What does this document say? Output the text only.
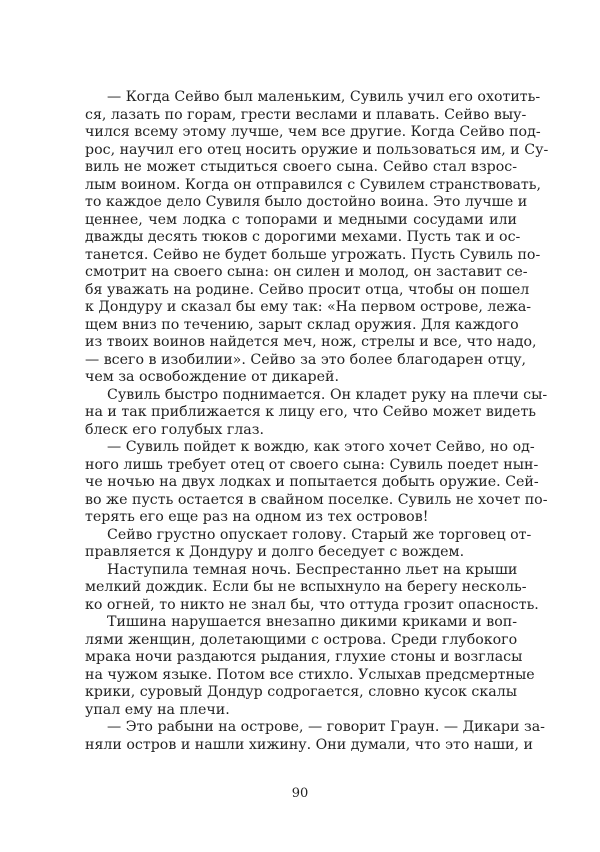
— Когда Сейво был маленьким, Сувиль учил его охотить-
ся, лазать по горам, грести веслами и плавать. Сейво выу-
чился всему этому лучше, чем все другие. Когда Сейво под-
рос, научил его отец носить оружие и пользоваться им, и Су-
виль не может стыдиться своего сына. Сейво стал взрос-
лым воином. Когда он отправился с Сувилем странствовать,
то каждое дело Сувиля было достойно воина. Это лучше и
ценнее, чем лодка с топорами и медными сосудами или
дважды десять тюков с дорогими мехами. Пусть так и ос-
танется. Сейво не будет больше угрожать. Пусть Сувиль по-
смотрит на своего сына: он силен и молод, он заставит се-
бя уважать на родине. Сейво просит отца, чтобы он пошел
к Дондуру и сказал бы ему так: «На первом острове, лежа-
щем вниз по течению, зарыт склад оружия. Для каждого
из твоих воинов найдется меч, нож, стрелы и все, что надо,
— всего в изобилии». Сейво за это более благодарен отцу,
чем за освобождение от дикарей.
Сувиль быстро поднимается. Он кладет руку на плечи сы-
на и так приближается к лицу его, что Сейво может видеть
блеск его голубых глаз.
— Сувиль пойдет к вождю, как этого хочет Сейво, но од-
ного лишь требует отец от своего сына: Сувиль поедет нын-
че ночью на двух лодках и попытается добыть оружие. Сей-
во же пусть остается в свайном поселке. Сувиль не хочет по-
терять его еще раз на одном из тех островов!
Сейво грустно опускает голову. Старый же торговец от-
правляется к Дондуру и долго беседует с вождем.
Наступила темная ночь. Беспрестанно льет на крыши
мелкий дождик. Если бы не вспыхнуло на берегу несколь-
ко огней, то никто не знал бы, что оттуда грозит опасность.
Тишина нарушается внезапно дикими криками и воп-
лями женщин, долетающими с острова. Среди глубокого
мрака ночи раздаются рыдания, глухие стоны и возгласы
на чужом языке. Потом все стихло. Услыхав предсмертные
крики, суровый Дондур содрогается, словно кусок скалы
упал ему на плечи.
— Это рабыни на острове, — говорит Граун. — Дикари за-
няли остров и нашли хижину. Они думали, что это наши, и
90
